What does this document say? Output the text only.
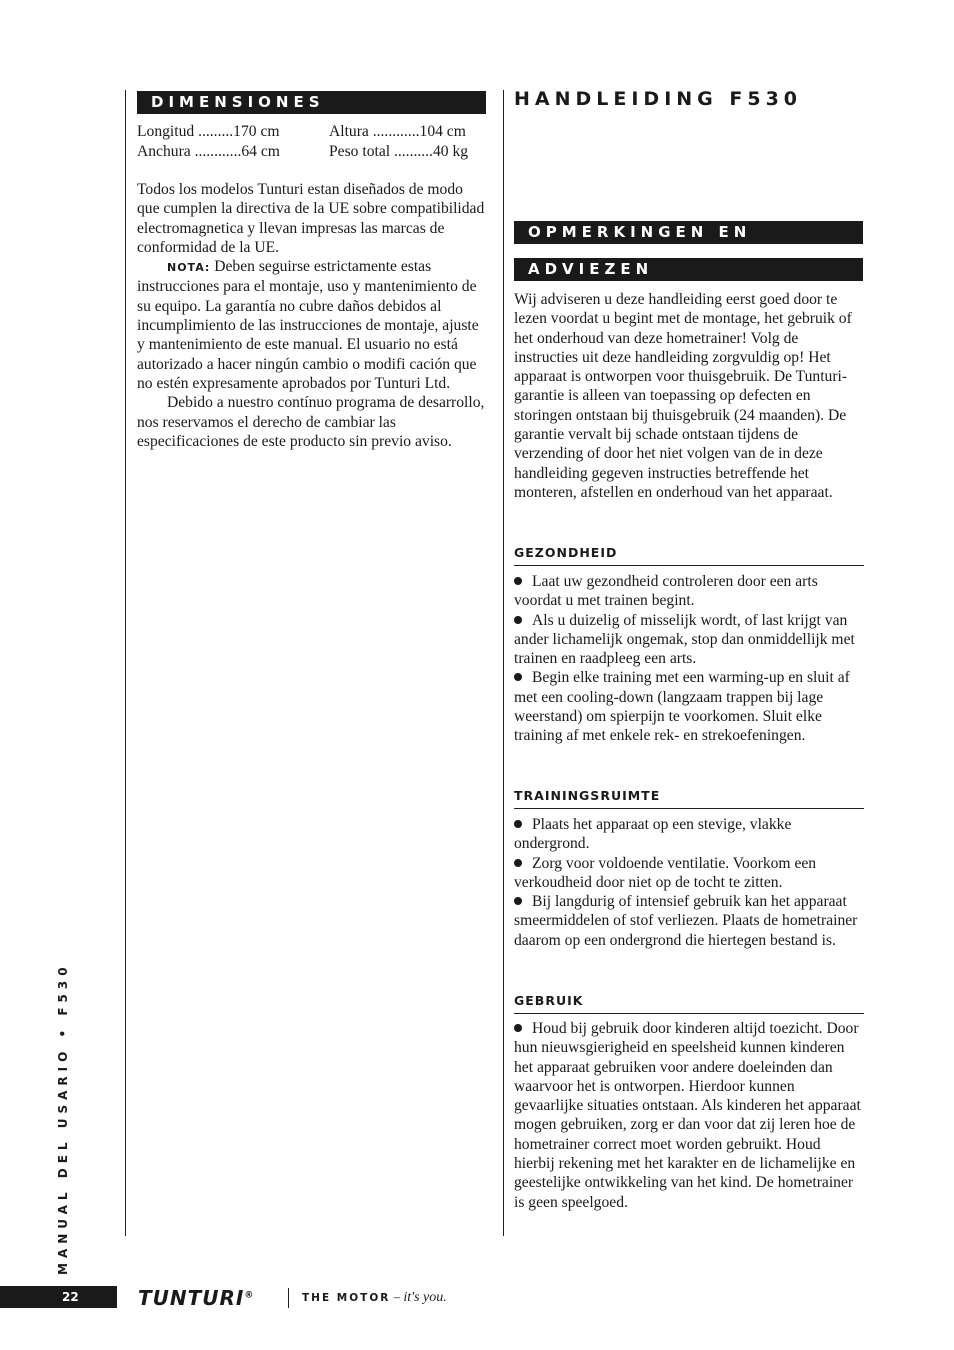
DIMENSIONES
Longitud .........170 cm	Altura ............104 cm
Anchura ............64 cm	Peso total ..........40 kg

Todos los modelos Tunturi estan diseñados de modo que cumplen la directiva de la UE sobre compatibilidad electromagnetica y llevan impresas las marcas de conformidad de la UE.

NOTA: Deben seguirse estrictamente estas instrucciones para el montaje, uso y mantenimiento de su equipo. La garantía no cubre daños debidos al incumplimiento de las instrucciones de montaje, ajuste y mantenimiento de este manual. El usuario no está autorizado a hacer ningún cambio o modifi cación que no estén expresamente aprobados por Tunturi Ltd.

Debido a nuestro contínuo programa de desarrollo, nos reservamos el derecho de cambiar las especificaciones de este producto sin previo aviso.

HANDLEIDING F530
OPMERKINGEN EN
ADVIEZEN
Wij adviseren u deze handleiding eerst goed door te lezen voordat u begint met de montage, het gebruik of het onderhoud van deze hometrainer! Volg de instructies uit deze handleiding zorgvuldig op! Het apparaat is ontworpen voor thuisgebruik. De Tunturi-garantie is alleen van toepassing op defecten en storingen ontstaan bij thuisgebruik (24 maanden). De garantie vervalt bij schade ontstaan tijdens de verzending of door het niet volgen van de in deze handleiding gegeven instructies betreffende het monteren, afstellen en onderhoud van het apparaat.
GEZONDHEID

Laat uw gezondheid controleren door een arts voordat u met trainen begint.

Als u duizelig of misselijk wordt, of last krijgt van ander lichamelijk ongemak, stop dan onmiddellijk met trainen en raadpleeg een arts.

Begin elke training met een warming-up en sluit af met een cooling-down (langzaam trappen bij lage weerstand) om spierpijn te voorkomen. Sluit elke training af met enkele rek- en strekoefeningen.

TRAININGSRUIMTE

Plaats het apparaat op een stevige, vlakke ondergrond.

Zorg voor voldoende ventilatie. Voorkom een verkoudheid door niet op de tocht te zitten.

Bij langdurig of intensief gebruik kan het apparaat smeermiddelen of stof verliezen. Plaats de hometrainer daarom op een ondergrond die hiertegen bestand is.

GEBRUIK

Houd bij gebruik door kinderen altijd toezicht. Door hun nieuwsgierigheid en speelsheid kunnen kinderen het apparaat gebruiken voor andere doeleinden dan waarvoor het is ontworpen. Hierdoor kunnen gevaarlijke situaties ontstaan. Als kinderen het apparaat mogen gebruiken, zorg er dan voor dat zij leren hoe de hometrainer correct moet worden gebruikt. Houd hierbij rekening met het karakter en de lichamelijke en geestelijke ontwikkeling van het kind. De hometrainer is geen speelgoed.

MANUAL DEL USARIO • F530
22	TUNTURI®	THE MOTOR – it's you.
